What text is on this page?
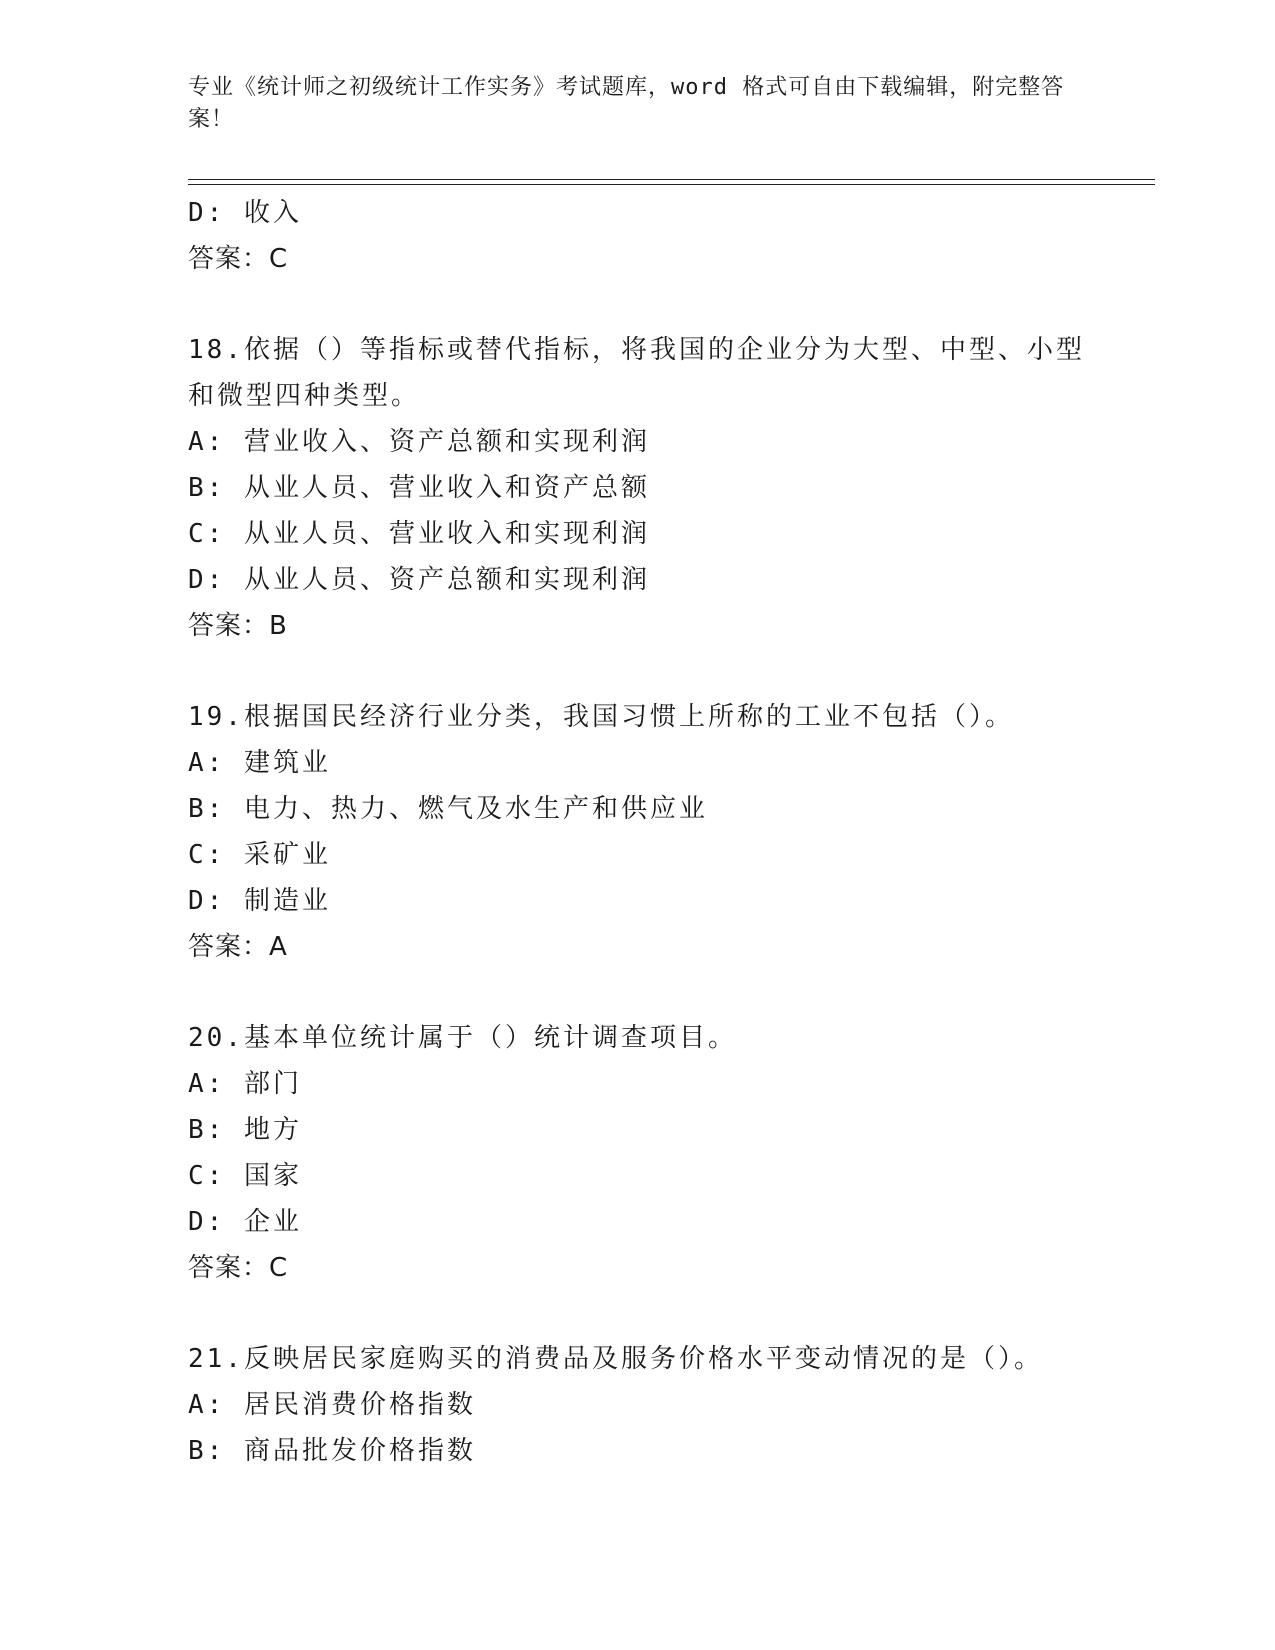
专业《统计师之初级统计工作实务》考试题库，word 格式可自由下载编辑，附完整答案！
D: 收入
答案：C
18.依据（）等指标或替代指标，将我国的企业分为大型、中型、小型
和微型四种类型。
A: 营业收入、资产总额和实现利润
B: 从业人员、营业收入和资产总额
C: 从业人员、营业收入和实现利润
D: 从业人员、资产总额和实现利润
答案：B
19.根据国民经济行业分类，我国习惯上所称的工业不包括（）。
A: 建筑业
B: 电力、热力、燃气及水生产和供应业
C: 采矿业
D: 制造业
答案：A
20.基本单位统计属于（）统计调查项目。
A: 部门
B: 地方
C: 国家
D: 企业
答案：C
21.反映居民家庭购买的消费品及服务价格水平变动情况的是（）。
A: 居民消费价格指数
B: 商品批发价格指数
